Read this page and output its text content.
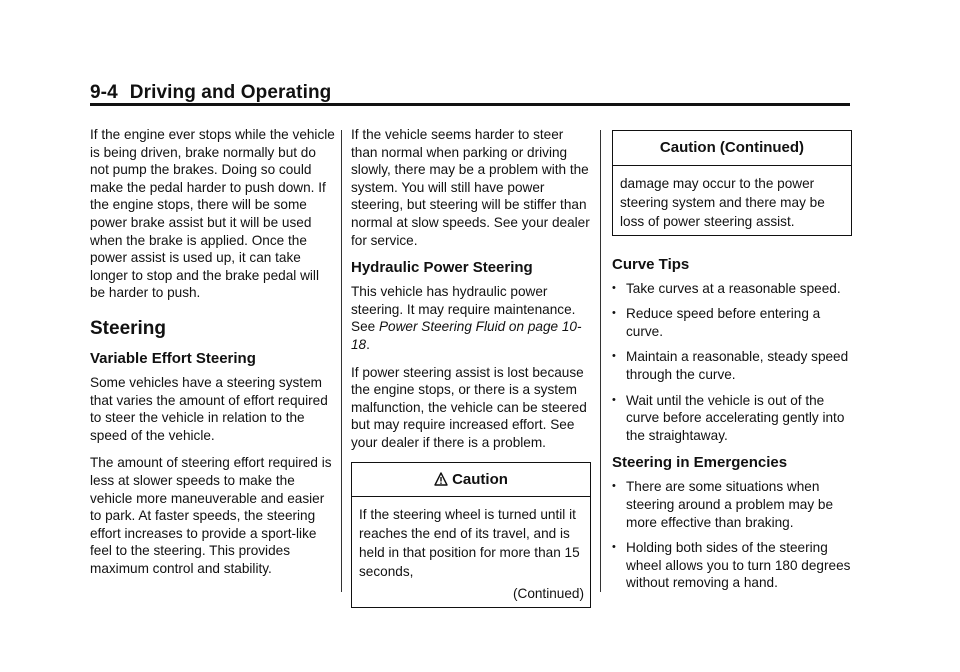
9-4 Driving and Operating

If the engine ever stops while the vehicle is being driven, brake normally but do not pump the brakes. Doing so could make the pedal harder to push down. If the engine stops, there will be some power brake assist but it will be used when the brake is applied. Once the power assist is used up, it can take longer to stop and the brake pedal will be harder to push.

Steering
Variable Effort Steering

Some vehicles have a steering system that varies the amount of effort required to steer the vehicle in relation to the speed of the vehicle.

The amount of steering effort required is less at slower speeds to make the vehicle more maneuverable and easier to park. At faster speeds, the steering effort increases to provide a sport-like feel to the steering. This provides maximum control and stability.

If the vehicle seems harder to steer than normal when parking or driving slowly, there may be a problem with the system. You will still have power steering, but steering will be stiffer than normal at slow speeds. See your dealer for service.

Hydraulic Power Steering

This vehicle has hydraulic power steering. It may require maintenance. See Power Steering Fluid on page 10-18.

If power steering assist is lost because the engine stops, or there is a system malfunction, the vehicle can be steered but may require increased effort. See your dealer if there is a problem.

Caution
If the steering wheel is turned until it reaches the end of its travel, and is held in that position for more than 15 seconds,
(Continued)
Caution (Continued)
damage may occur to the power steering system and there may be loss of power steering assist.
Curve Tips
• Take curves at a reasonable speed.
• Reduce speed before entering a curve.
• Maintain a reasonable, steady speed through the curve.
• Wait until the vehicle is out of the curve before accelerating gently into the straightaway.
Steering in Emergencies
• There are some situations when steering around a problem may be more effective than braking.
• Holding both sides of the steering wheel allows you to turn 180 degrees without removing a hand.
